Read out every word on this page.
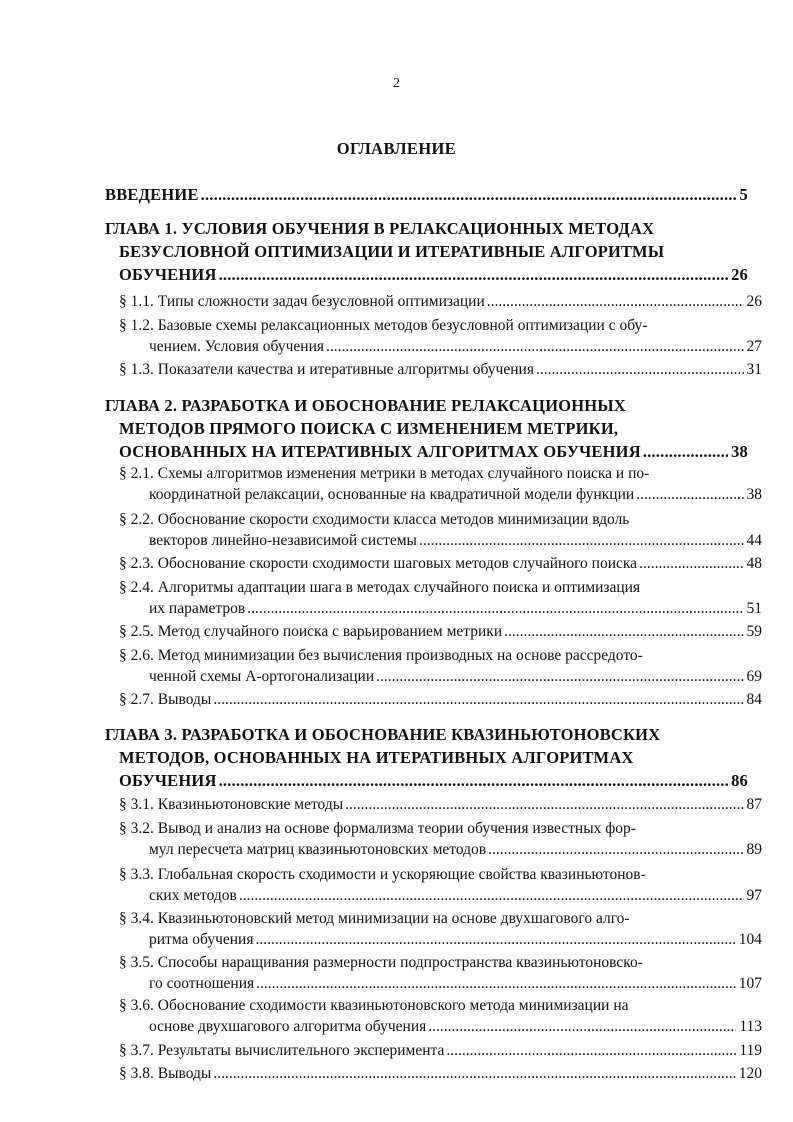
2
ОГЛАВЛЕНИЕ
ВВЕДЕНИЕ .....	5
ГЛАВА 1. УСЛОВИЯ ОБУЧЕНИЯ В РЕЛАКСАЦИОННЫХ МЕТОДАХ
БЕЗУСЛОВНОЙ ОПТИМИЗАЦИИ И ИТЕРАТИВНЫЕ АЛГОРИТМЫ
ОБУЧЕНИЯ .....	26
§ 1.1. Типы сложности задач безусловной оптимизации .....	26
§ 1.2. Базовые схемы релаксационных методов безусловной оптимизации с обу-
чением. Условия обучения .....	27
§ 1.3. Показатели качества и итеративные алгоритмы обучения .....	31
ГЛАВА 2. РАЗРАБОТКА И ОБОСНОВАНИЕ РЕЛАКСАЦИОННЫХ
МЕТОДОВ ПРЯМОГО ПОИСКА С ИЗМЕНЕНИЕМ МЕТРИКИ,
ОСНОВАННЫХ НА ИТЕРАТИВНЫХ АЛГОРИТМАХ ОБУЧЕНИЯ .....	38
§ 2.1. Схемы алгоритмов изменения метрики в методах случайного поиска и по-
координатной релаксации, основанные на квадратичной модели функции .....	38
§ 2.2. Обоснование скорости сходимости класса методов минимизации вдоль
векторов линейно-независимой системы .....	44
§ 2.3. Обоснование скорости сходимости шаговых методов случайного поиска .....	48
§ 2.4. Алгоритмы адаптации шага в методах случайного поиска и оптимизация
их параметров .....	51
§ 2.5. Метод случайного поиска с варьированием метрики .....	59
§ 2.6. Метод минимизации без вычисления производных на основе рассредото-
ченной схемы А-ортогонализации .....	69
§ 2.7. Выводы .....	84
ГЛАВА 3. РАЗРАБОТКА И ОБОСНОВАНИЕ КВАЗИНЬЮТОНОВСКИХ
МЕТОДОВ, ОСНОВАННЫХ НА ИТЕРАТИВНЫХ АЛГОРИТМАХ
ОБУЧЕНИЯ .....	86
§ 3.1. Квазиньютоновские методы .....	87
§ 3.2. Вывод и анализ на основе формализма теории обучения известных фор-
мул пересчета матриц квазиньютоновских методов .....	89
§ 3.3. Глобальная скорость сходимости и ускоряющие свойства квазиньютонов-
ских методов .....	97
§ 3.4. Квазиньютоновский метод минимизации на основе двухшагового алго-
ритма обучения .....	104
§ 3.5. Способы наращивания размерности подпространства квазиньютоновско-
го соотношения .....	107
§ 3.6. Обоснование сходимости квазиньютоновского метода минимизации на
основе двухшагового алгоритма обучения .....	113
§ 3.7. Результаты вычислительного эксперимента .....	119
§ 3.8. Выводы .....	120
